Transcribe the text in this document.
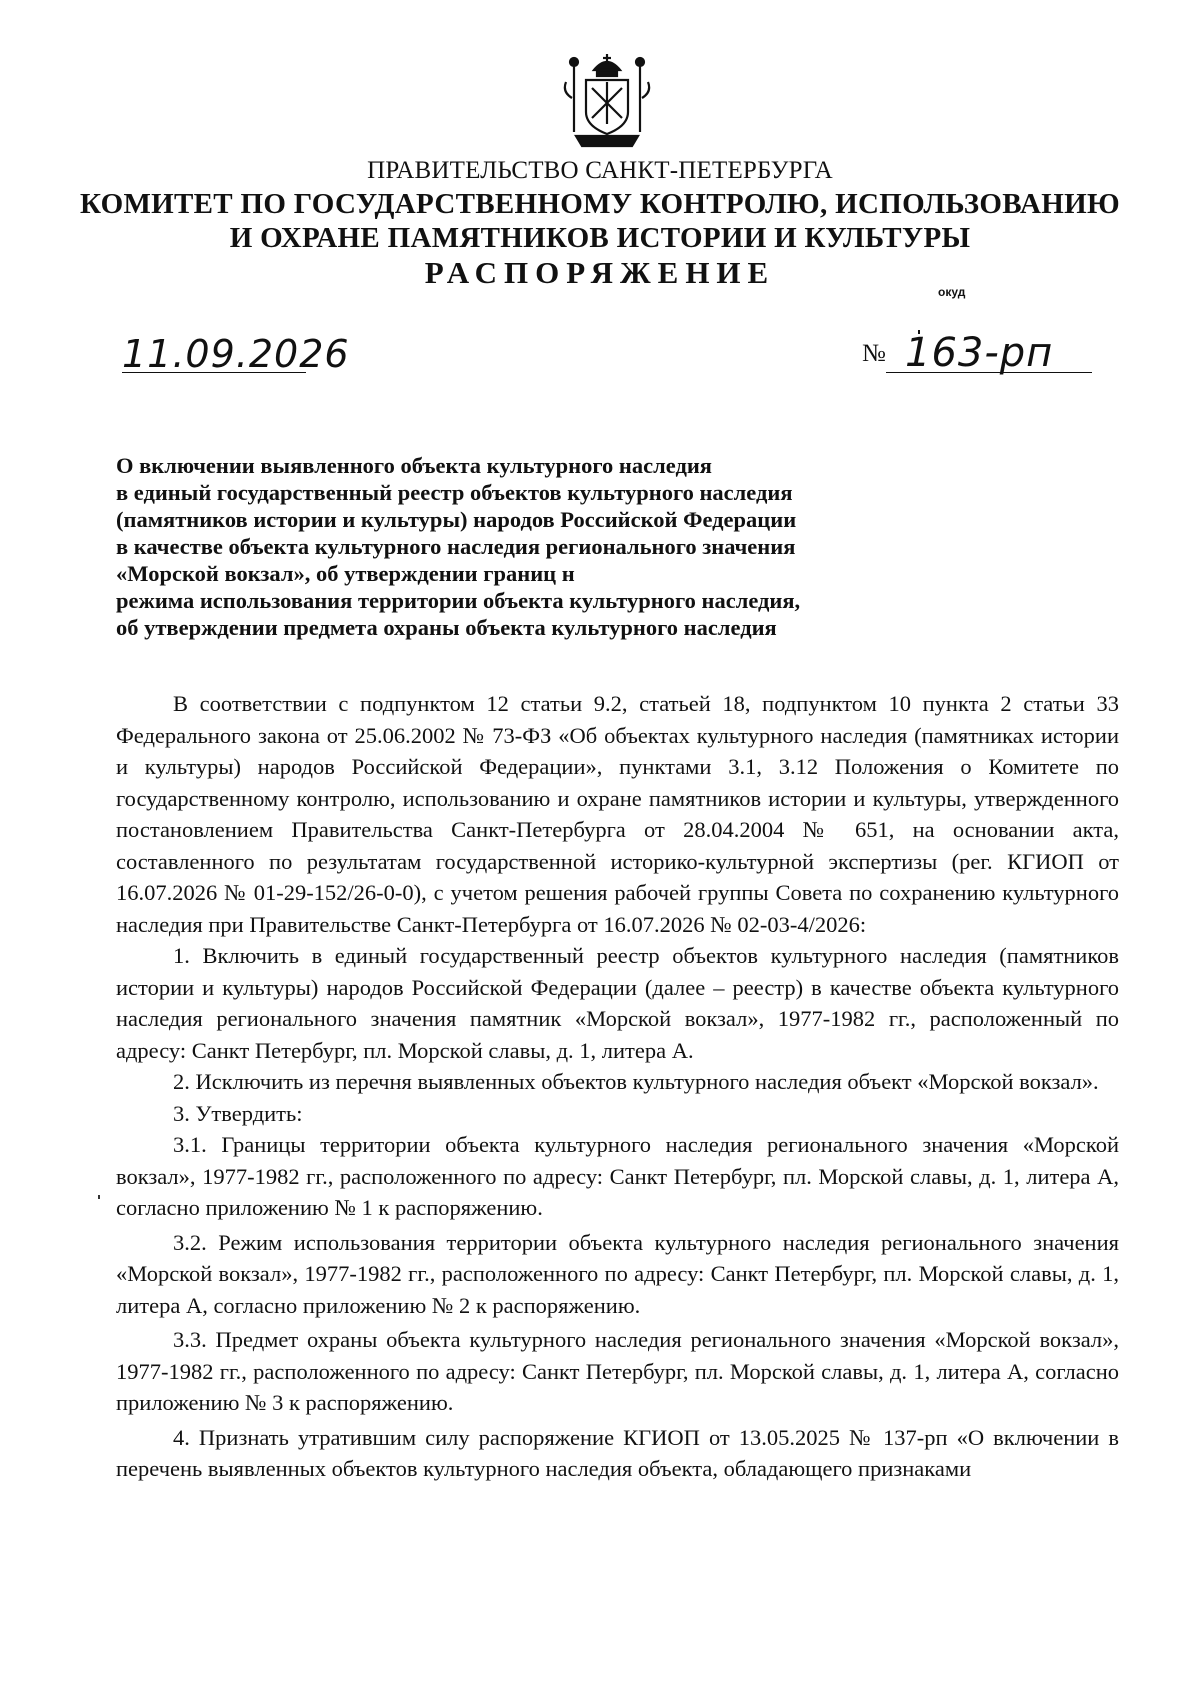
ПРАВИТЕЛЬСТВО САНКТ-ПЕТЕРБУРГА
КОМИТЕТ ПО ГОСУДАРСТВЕННОМУ КОНТРОЛЮ, ИСПОЛЬЗОВАНИЮ
И ОХРАНЕ ПАМЯТНИКОВ ИСТОРИИ И КУЛЬТУРЫ
РАСПОРЯЖЕНИЕ
окуд
11.09.2026	№ 163-рп
О включении выявленного объекта культурного наследия
в единый государственный реестр объектов культурного наследия
(памятников истории и культуры) народов Российской Федерации
в качестве объекта культурного наследия регионального значения
«Морской вокзал», об утверждении границ н
режима использования территории объекта культурного наследия,
об утверждении предмета охраны объекта культурного наследия

В соответствии с подпунктом 12 статьи 9.2, статьей 18, подпунктом 10 пункта 2 статьи 33 Федерального закона от 25.06.2002 № 73-ФЗ «Об объектах культурного наследия (памятниках истории и культуры) народов Российской Федерации», пунктами 3.1, 3.12 Положения о Комитете по государственному контролю, использованию и охране памятников истории и культуры, утвержденного постановлением Правительства Санкт-Петербурга от 28.04.2004 № 651, на основании акта, составленного по результатам государственной историко-культурной экспертизы (рег. КГИОП от 16.07.2026 № 01-29-152/26-0-0), с учетом решения рабочей группы Совета по сохранению культурного наследия при Правительстве Санкт-Петербурга от 16.07.2026 № 02-03-4/2026:

1. Включить в единый государственный реестр объектов культурного наследия (памятников истории и культуры) народов Российской Федерации (далее – реестр) в качестве объекта культурного наследия регионального значения памятник «Морской вокзал», 1977-1982 гг., расположенный по адресу: Санкт Петербург, пл. Морской славы, д. 1, литера А.

2. Исключить из перечня выявленных объектов культурного наследия объект «Морской вокзал».

3. Утвердить:

3.1. Границы территории объекта культурного наследия регионального значения «Морской вокзал», 1977-1982 гг., расположенного по адресу: Санкт Петербург, пл. Морской славы, д. 1, литера А, согласно приложению № 1 к распоряжению.

3.2. Режим использования территории объекта культурного наследия регионального значения «Морской вокзал», 1977-1982 гг., расположенного по адресу: Санкт Петербург, пл. Морской славы, д. 1, литера А, согласно приложению № 2 к распоряжению.

3.3. Предмет охраны объекта культурного наследия регионального значения «Морской вокзал», 1977-1982 гг., расположенного по адресу: Санкт Петербург, пл. Морской славы, д. 1, литера А, согласно приложению № 3 к распоряжению.

4. Признать утратившим силу распоряжение КГИОП от 13.05.2025 № 137-рп «О включении в перечень выявленных объектов культурного наследия объекта, обладающего признаками
